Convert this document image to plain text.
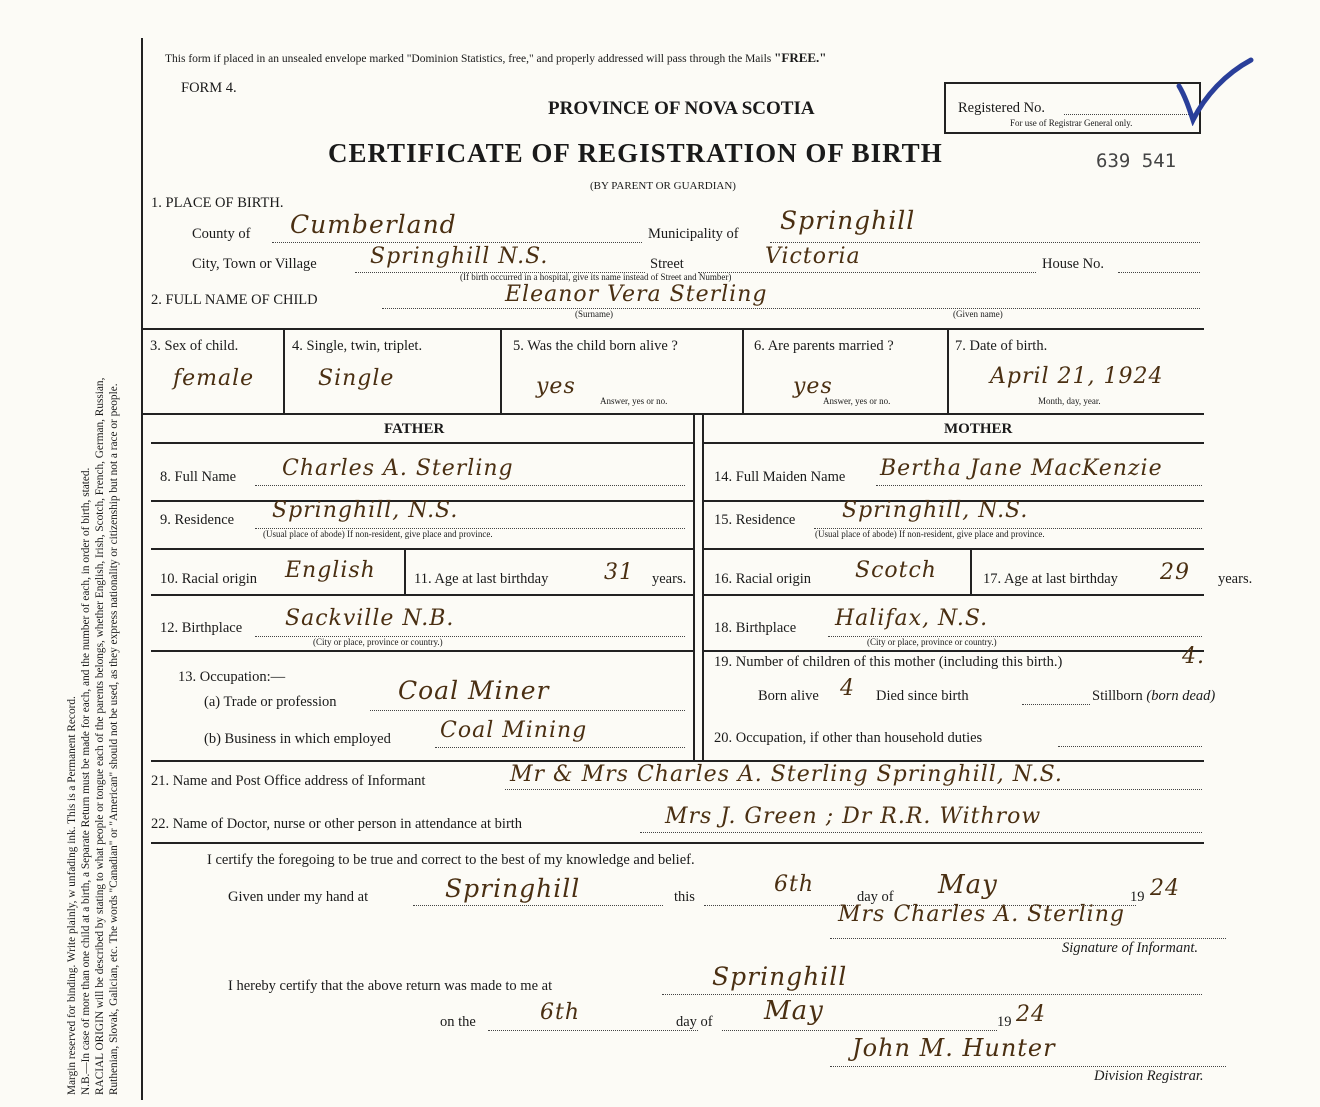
Margin reserved for binding. Write plainly, w unfading ink. This is a Permanent Record. N.B.—In case of more than one child at a birth, a Separate Return must be made for each, and the number of each, in order of birth, stated. RACIAL ORIGIN will be described by stating to what people or tongue each of the parents belongs, whether English, Irish, Scotch, French, German, Russian, Ruthenian, Slovak, Galician, etc. The words "Canadian" or "American" should not be used, as they express nationality or citizenship but not a race or people.
This form if placed in an unsealed envelope marked "Dominion Statistics, free," and properly addressed will pass through the Mails "FREE."
FORM 4.
PROVINCE OF NOVA SCOTIA	Registered No.
For use of Registrar General only.
CERTIFICATE OF REGISTRATION OF BIRTH	639 541
(BY PARENT OR GUARDIAN)
1. PLACE OF BIRTH.
County of Cumberland	Municipality of Springhill
City, Town or Village Springhill N.S.
(If birth occurred in a hospital, give its name instead of Street and Number)
Street	Victoria	House No.
2. FULL NAME OF CHILD	Eleanor Vera Sterling
(Surname)	(Given name)
3. Sex of child.
female
4. Single, twin, triplet.
Single
5. Was the child born alive ?
yes
Answer, yes or no.
6. Are parents married ?
yes
Answer, yes or no.
7. Date of birth.
April 21, 1924
Month, day, year.
FATHER	MOTHER
8. Full Name Charles A. Sterling
9. Residence Springhill, N.S.
(Usual place of abode) If non-resident, give place and province.
10. Racial origin English	11. Age at last birthday	31 years.
12. Birthplace Sackville N.B.
(City or place, province or country.)
13. Occupation:—
(a) Trade or profession Coal Miner
(b) Business in which employed Coal Mining
14. Full Maiden Name Bertha Jane MacKenzie
15. Residence Springhill, N.S.
(Usual place of abode) If non-resident, give place and province.
16. Racial origin Scotch	17. Age at last birthday 29 years.
18. Birthplace Halifax, N.S.
(City or place, province or country.)
19. Number of children of this mother (including this birth.)	4.
Born alive 4 Died since birth	Stillborn (born dead)
20. Occupation, if other than household duties
21. Name and Post Office address of Informant	Mr & Mrs Charles A. Sterling Springhill, N.S.
22. Name of Doctor, nurse or other person in attendance at birth	Mrs J. Green ; Dr R.R. Withrow
I certify the foregoing to be true and correct to the best of my knowledge and belief.
Given under my hand at	Springhill	this	6th	day of May	19 24
Mrs Charles A. Sterling
Signature of Informant.
Springhill
I hereby certify that the above return was made to me at
on the	6th	day of May	19 24
John M. Hunter
Division Registrar.
